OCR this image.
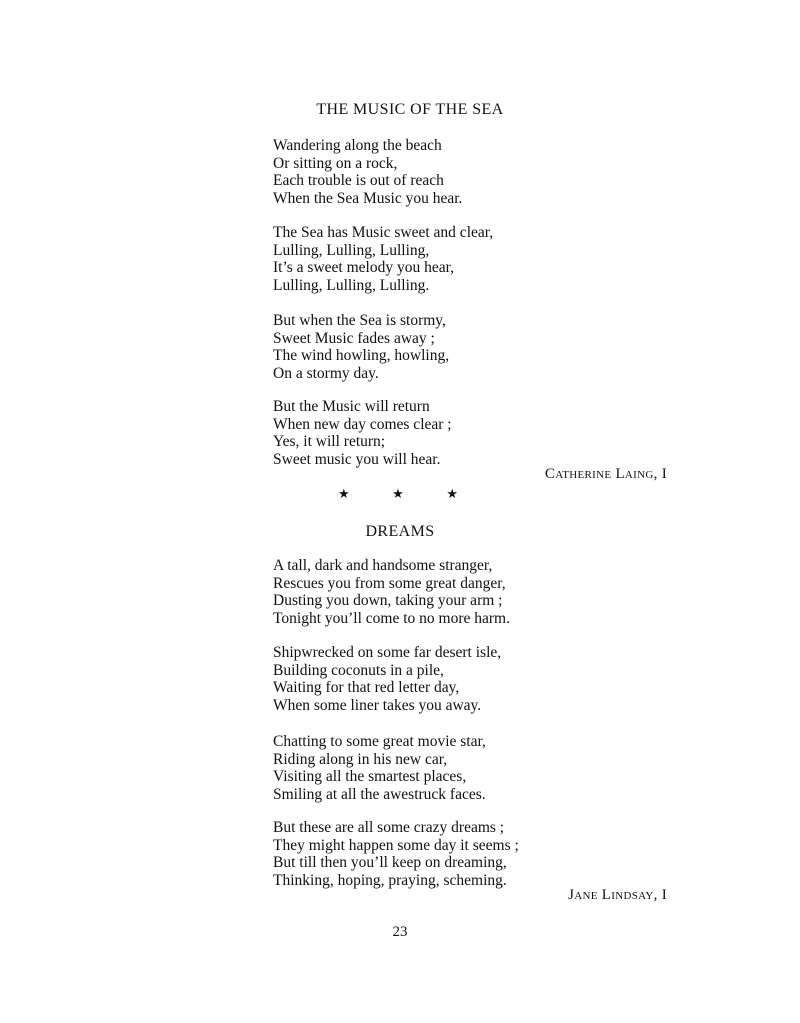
THE MUSIC OF THE SEA
Wandering along the beach
Or sitting on a rock,
Each trouble is out of reach
When the Sea Music you hear.
The Sea has Music sweet and clear,
Lulling, Lulling, Lulling,
It’s a sweet melody you hear,
Lulling, Lulling, Lulling.
But when the Sea is stormy,
Sweet Music fades away ;
The wind howling, howling,
On a stormy day.
But the Music will return
When new day comes clear ;
Yes, it will return;
Sweet music you will hear.
Catherine Laing, I
★	★	★
DREAMS
A tall, dark and handsome stranger,
Rescues you from some great danger,
Dusting you down, taking your arm ;
Tonight you’ll come to no more harm.
Shipwrecked on some far desert isle,
Building coconuts in a pile,
Waiting for that red letter day,
When some liner takes you away.
Chatting to some great movie star,
Riding along in his new car,
Visiting all the smartest places,
Smiling at all the awestruck faces.
But these are all some crazy dreams ;
They might happen some day it seems ;
But till then you’ll keep on dreaming,
Thinking, hoping, praying, scheming.
Jane Lindsay, I
23
